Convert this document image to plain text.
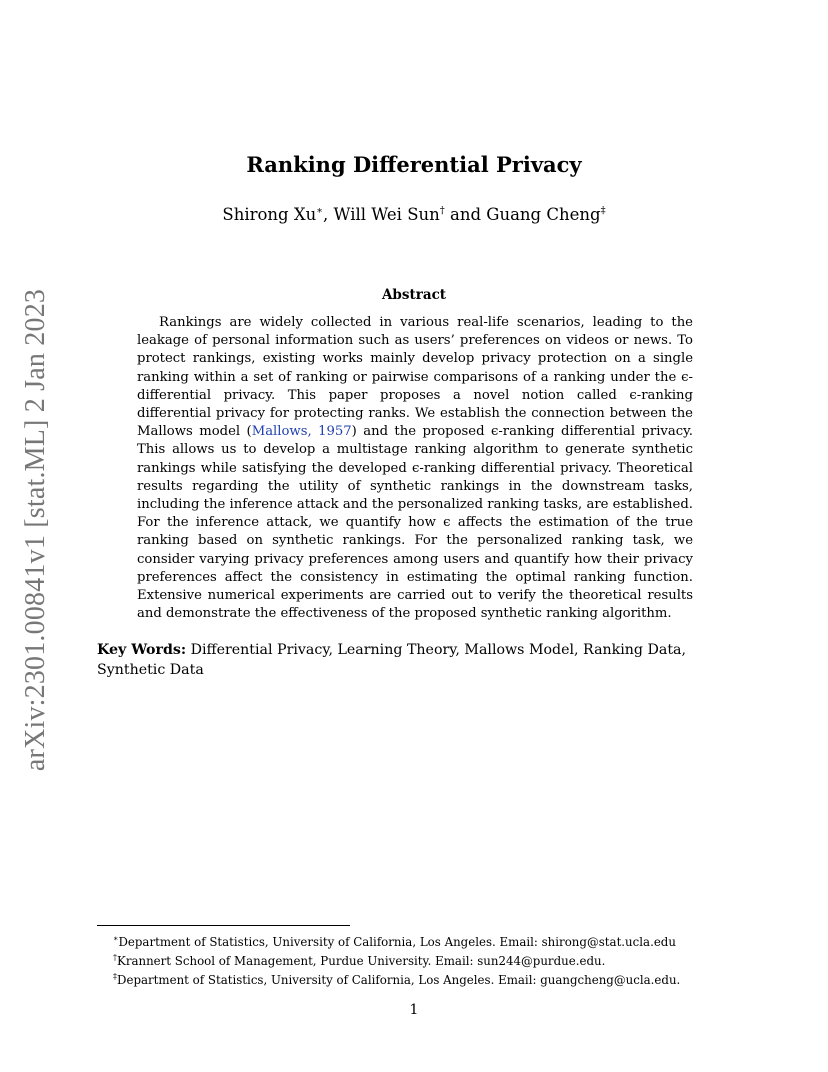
arXiv:2301.00841v1 [stat.ML] 2 Jan 2023
Ranking Differential Privacy
Shirong Xu∗, Will Wei Sun† and Guang Cheng‡
Abstract

Rankings are widely collected in various real-life scenarios, leading to the leakage of personal information such as users’ preferences on videos or news. To protect rankings, existing works mainly develop privacy protection on a single ranking within a set of ranking or pairwise comparisons of a ranking under the ϵ-differential privacy. This paper proposes a novel notion called ϵ-ranking differential privacy for protecting ranks. We establish the connection between the Mallows model (Mallows, 1957) and the proposed ϵ-ranking differential privacy. This allows us to develop a multistage ranking algorithm to generate synthetic rankings while satisfying the developed ϵ-ranking differential privacy. Theoretical results regarding the utility of synthetic rankings in the downstream tasks, including the inference attack and the personalized ranking tasks, are established. For the inference attack, we quantify how ϵ affects the estimation of the true ranking based on synthetic rankings. For the personalized ranking task, we consider varying privacy preferences among users and quantify how their privacy preferences affect the consistency in estimating the optimal ranking function. Extensive numerical experiments are carried out to verify the theoretical results and demonstrate the effectiveness of the proposed synthetic ranking algorithm.

Key Words: Differential Privacy, Learning Theory, Mallows Model, Ranking Data, Synthetic Data

∗Department of Statistics, University of California, Los Angeles. Email: shirong@stat.ucla.edu
†Krannert School of Management, Purdue University. Email: sun244@purdue.edu.
‡Department of Statistics, University of California, Los Angeles. Email: guangcheng@ucla.edu.
1
